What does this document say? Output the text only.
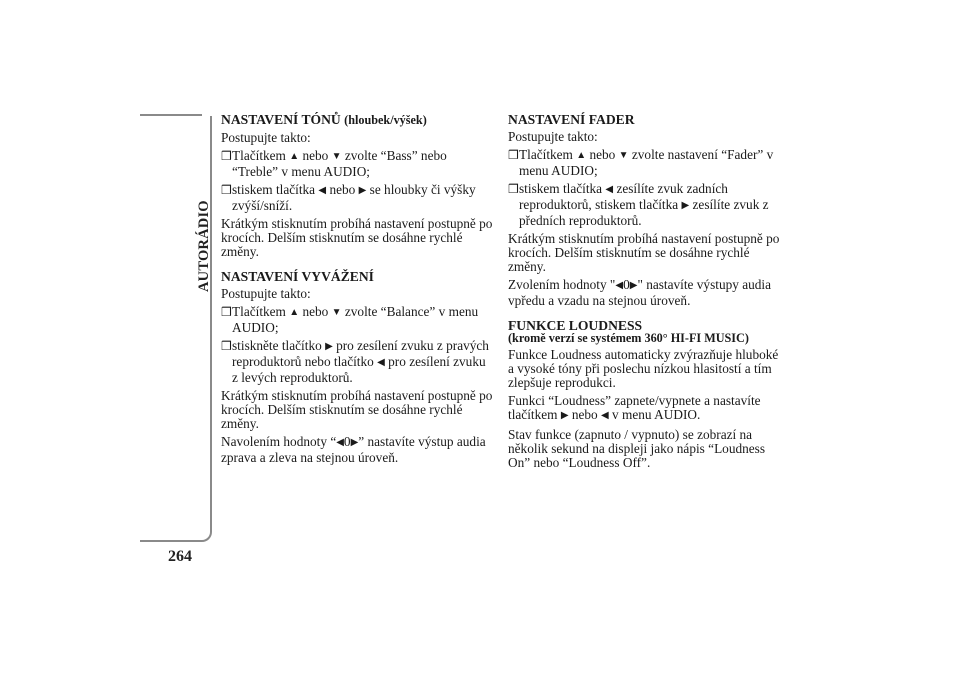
AUTORÁDIO
264
NASTAVENÍ TÓNŮ (hloubek/výšek)

Postupujte takto:

❒ Tlačítkem ▲ nebo ▼ zvolte “Bass” nebo “Treble” v menu AUDIO;
❒ stiskem tlačítka ◀ nebo ▶ se hloubky či výšky zvýší/sníží.

Krátkým stisknutím probíhá nastavení postupně po krocích. Delším stisknutím se dosáhne rychlé změny.

NASTAVENÍ VYVÁŽENÍ

Postupujte takto:

❒ Tlačítkem ▲ nebo ▼ zvolte “Balance” v menu AUDIO;
❒ stiskněte tlačítko ▶ pro zesílení zvuku z pravých reproduktorů nebo tlačítko ◀ pro zesílení zvuku z levých reproduktorů.

Krátkým stisknutím probíhá nastavení postupně po krocích. Delším stisknutím se dosáhne rychlé změny.

Navolením hodnoty “◀0▶” nastavíte výstup audia zprava a zleva na stejnou úroveň.

NASTAVENÍ FADER

Postupujte takto:

❒ Tlačítkem ▲ nebo ▼ zvolte nastavení “Fader” v menu AUDIO;
❒ stiskem tlačítka ◀ zesílíte zvuk zadních reproduktorů, stiskem tlačítka ▶ zesílíte zvuk z předních reproduktorů.

Krátkým stisknutím probíhá nastavení postupně po krocích. Delším stisknutím se dosáhne rychlé změny.

Zvolením hodnoty "◀0▶" nastavíte výstupy audia vpředu a vzadu na stejnou úroveň.

FUNKCE LOUDNESS
(kromě verzí se systémem 360° HI-FI MUSIC)

Funkce Loudness automaticky zvýrazňuje hluboké a vysoké tóny při poslechu nízkou hlasitostí a tím zlepšuje reprodukci.

Funkci “Loudness” zapnete/vypnete a nastavíte tlačítkem ▶ nebo ◀ v menu AUDIO.

Stav funkce (zapnuto / vypnuto) se zobrazí na několik sekund na displeji jako nápis “Loudness On” nebo “Loudness Off”.
